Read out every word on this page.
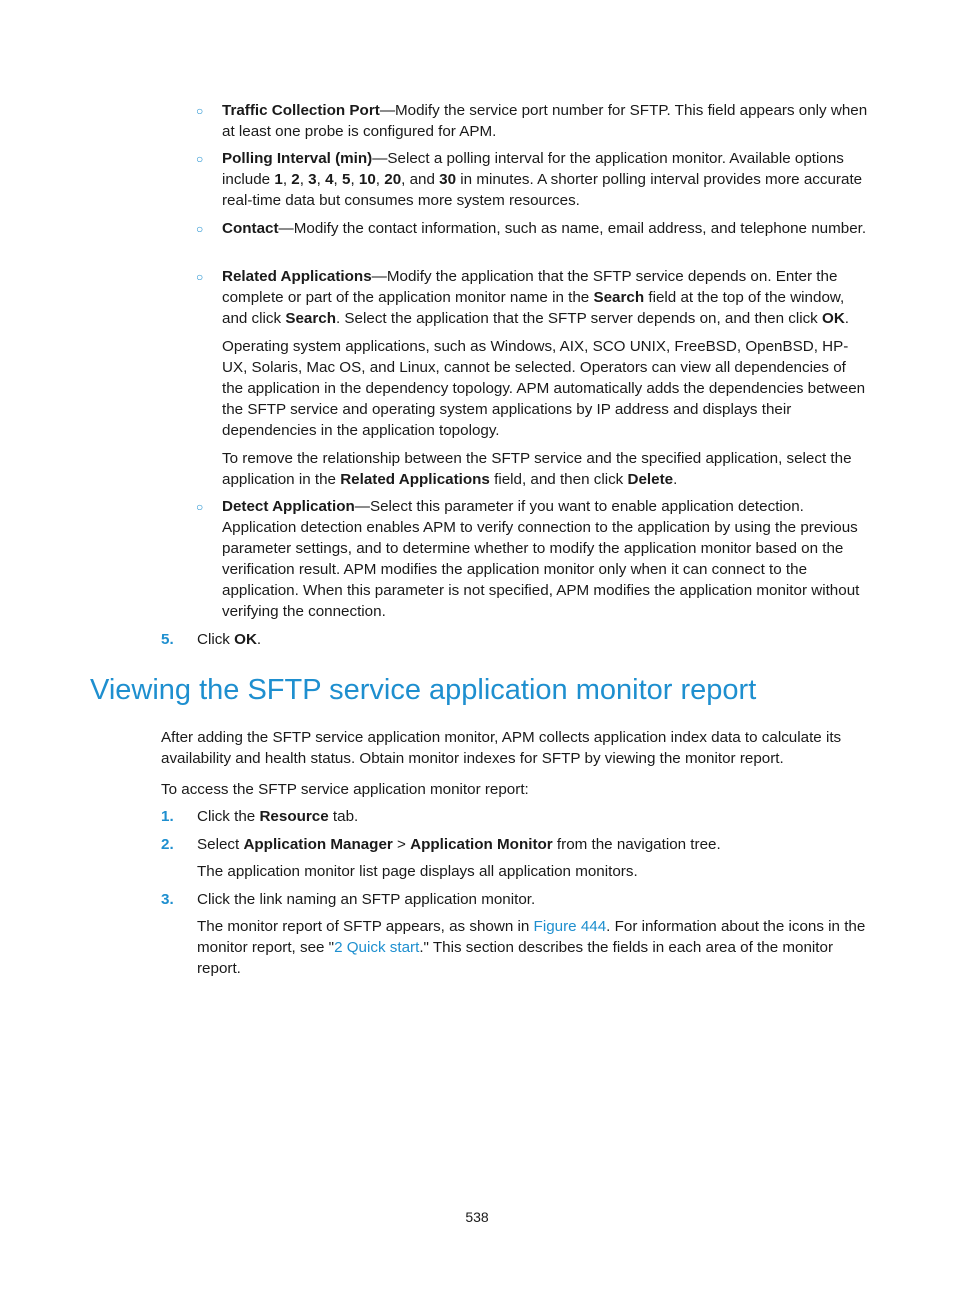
○ Traffic Collection Port—Modify the service port number for SFTP. This field appears only when at least one probe is configured for APM.
○ Polling Interval (min)—Select a polling interval for the application monitor. Available options include 1, 2, 3, 4, 5, 10, 20, and 30 in minutes. A shorter polling interval provides more accurate real-time data but consumes more system resources.
○ Contact—Modify the contact information, such as name, email address, and telephone number.
○ Related Applications—Modify the application that the SFTP service depends on. Enter the complete or part of the application monitor name in the Search field at the top of the window, and click Search. Select the application that the SFTP server depends on, and then click OK.

Operating system applications, such as Windows, AIX, SCO UNIX, FreeBSD, OpenBSD, HP-UX, Solaris, Mac OS, and Linux, cannot be selected. Operators can view all dependencies of the application in the dependency topology. APM automatically adds the dependencies between the SFTP service and operating system applications by IP address and displays their dependencies in the application topology.

To remove the relationship between the SFTP service and the specified application, select the application in the Related Applications field, and then click Delete.

○ Detect Application—Select this parameter if you want to enable application detection. Application detection enables APM to verify connection to the application by using the previous parameter settings, and to determine whether to modify the application monitor based on the verification result. APM modifies the application monitor only when it can connect to the application. When this parameter is not specified, APM modifies the application monitor without verifying the connection.
5. Click OK.
Viewing the SFTP service application monitor report

After adding the SFTP service application monitor, APM collects application index data to calculate its availability and health status. Obtain monitor indexes for SFTP by viewing the monitor report.

To access the SFTP service application monitor report:

1. Click the Resource tab.
2. Select Application Manager > Application Monitor from the navigation tree.
The application monitor list page displays all application monitors.
3. Click the link naming an SFTP application monitor.
The monitor report of SFTP appears, as shown in Figure 444. For information about the icons in the monitor report, see "2 Quick start." This section describes the fields in each area of the monitor report.
538
